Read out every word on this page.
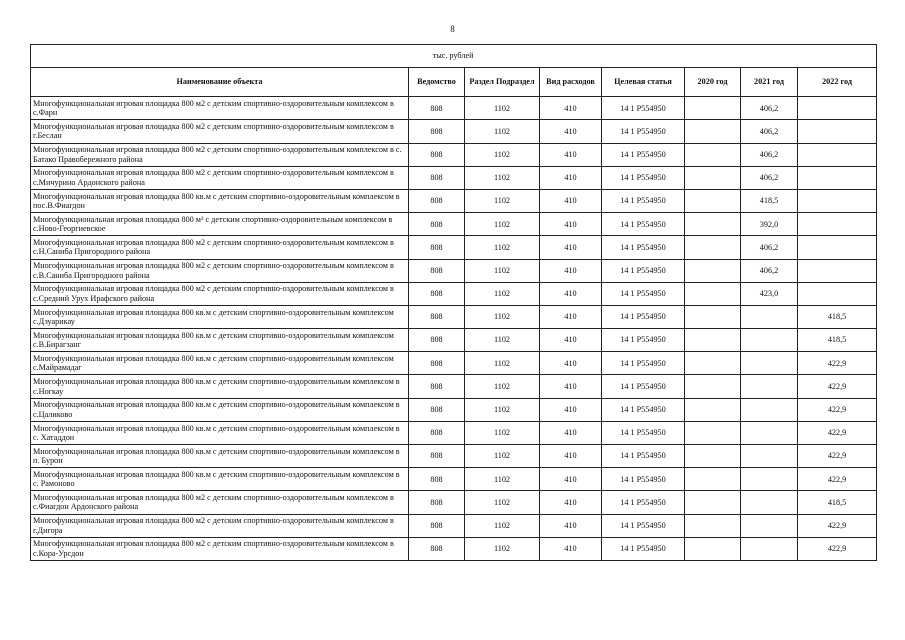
8
тыс. рублей							
Наименование объекта	Ведомство	Раздел Подраздел	Вид расходов	Целевая статья	2020 год	2021 год	2022 год
Многофункциональная игровая площадка 800 м2 с детским спортивно-оздоровительным комплексом в с.Фарн	808	1102	410	14 1 P554950		406,2	
Многофункциональная игровая площадка 800 м2 с детским спортивно-оздоровительным комплексом в г.Беслан	808	1102	410	14 1 P554950		406,2	
Многофункциональная игровая площадка 800 м2 с детским спортивно-оздоровительным комплексом в с. Батако Правобережного района	808	1102	410	14 1 P554950		406,2	
Многофункциональная игровая площадка 800 м2 с детским спортивно-оздоровительным комплексом в с.Мичурино Ардонского района	808	1102	410	14 1 P554950		406,2	
Многофункциональная игровая площадка 800 кв.м с детским спортивно-оздоровительным комплексом в пос.В.Фиагдон	808	1102	410	14 1 P554950		418,5	
Многофункциональная игровая площадка 800 м² с детским спортивно-оздоровительным комплексом в с.Ново-Георгиевское	808	1102	410	14 1 P554950		392,0	
Многофункциональная игровая площадка 800 м2 с детским спортивно-оздоровительным комплексом в с.Н.Саниба Пригородного района	808	1102	410	14 1 P554950		406,2	
Многофункциональная игровая площадка 800 м2 с детским спортивно-оздоровительным комплексом в с.В.Саниба Пригородного района	808	1102	410	14 1 P554950		406,2	
Многофункциональная игровая площадка 800 м2 с детским спортивно-оздоровительным комплексом в с.Средний Урух Ирафского района	808	1102	410	14 1 P554950		423,0	
Многофункциональная игровая площадка 800 кв.м с детским спортивно-оздоровительным комплексом с.Дзуарикау	808	1102	410	14 1 P554950			418,5
Многофункциональная игровая площадка 800 кв.м с детским спортивно-оздоровительным комплексом с.В.Бирагзанг	808	1102	410	14 1 P554950			418,5
Многофункциональная игровая площадка 800 кв.м с детским спортивно-оздоровительным комплексом с.Майрамадаг	808	1102	410	14 1 P554950			422,9
Многофункциональная игровая площадка 800 кв.м с детским спортивно-оздоровительным комплексом в с.Ногкау	808	1102	410	14 1 P554950			422,9
Многофункциональная игровая площадка 800 кв.м с детским спортивно-оздоровительным комплексом в с.Цаликово	808	1102	410	14 1 P554950			422,9
Многофункциональная игровая площадка 800 кв.м с детским спортивно-оздоровительным комплексом в с. Хатаддон	808	1102	410	14 1 P554950			422,9
Многофункциональная игровая площадка 800 кв.м с детским спортивно-оздоровительным комплексом в п. Бурон	808	1102	410	14 1 P554950			422,9
Многофункциональная игровая площадка 800 кв.м с детским спортивно-оздоровительным комплексом в с. Рамоново	808	1102	410	14 1 P554950			422,9
Многофункциональная игровая площадка 800 м2 с детским спортивно-оздоровительным комплексом в с.Фиагдон Ардонского района	808	1102	410	14 1 P554950			418,5
Многофункциональная игровая площадка 800 м2 с детским спортивно-оздоровительным комплексом в г.Дигора	808	1102	410	14 1 P554950			422,9
Многофункциональная игровая площадка 800 м2 с детским спортивно-оздоровительным комплексом в с.Кора-Урсдон	808	1102	410	14 1 P554950			422,9
